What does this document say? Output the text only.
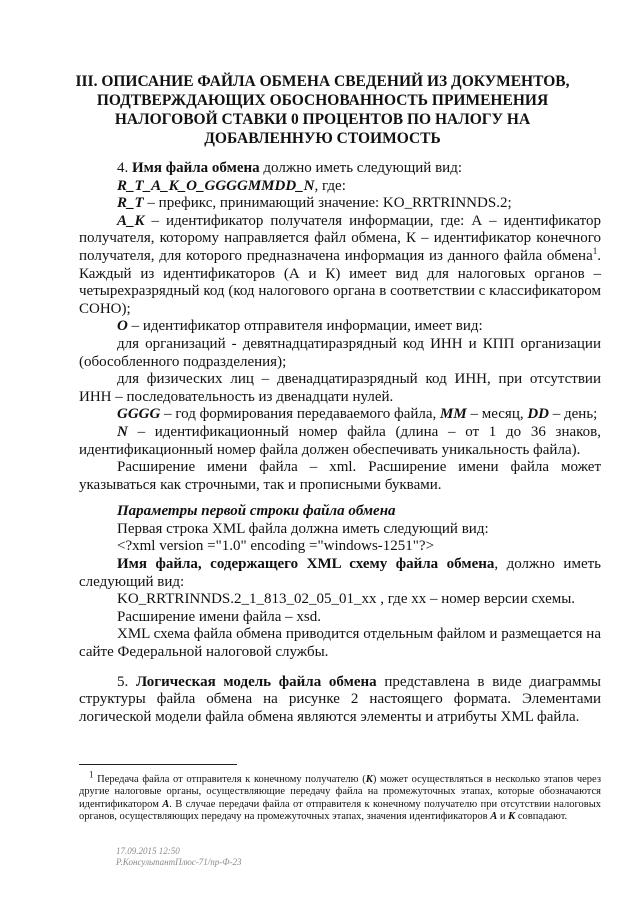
III. ОПИСАНИЕ ФАЙЛА ОБМЕНА СВЕДЕНИЙ ИЗ ДОКУМЕНТОВ,
ПОДТВЕРЖДАЮЩИХ ОБОСНОВАННОСТЬ ПРИМЕНЕНИЯ
НАЛОГОВОЙ СТАВКИ 0 ПРОЦЕНТОВ ПО НАЛОГУ НА
ДОБАВЛЕННУЮ СТОИМОСТЬ

4. Имя файла обмена должно иметь следующий вид:

R_T_A_K_O_GGGGMMDD_N, где:

R_T – префикс, принимающий значение: KO_RRTRINNDS.2;

A_K – идентификатор получателя информации, где: А – идентификатор получателя, которому направляется файл обмена, К – идентификатор конечного получателя, для которого предназначена информация из данного файла обмена$^1$. Каждый из идентификаторов (А и К) имеет вид для налоговых органов – четырехразрядный код (код налогового органа в соответствии с классификатором СОНО);

O – идентификатор отправителя информации, имеет вид:

для организаций - девятнадцатиразрядный код ИНН и КПП организации (обособленного подразделения);

для физических лиц – двенадцатиразрядный код ИНН, при отсутствии ИНН – последовательность из двенадцати нулей.

GGGG – год формирования передаваемого файла, MM – месяц, DD – день;

N – идентификационный номер файла (длина – от 1 до 36 знаков, идентификационный номер файла должен обеспечивать уникальность файла).

Расширение имени файла – xml. Расширение имени файла может указываться как строчными, так и прописными буквами.

Параметры первой строки файла обмена

Первая строка XML файла должна иметь следующий вид:

<?xml version ="1.0" encoding ="windows-1251"?>

Имя файла, содержащего XML схему файла обмена, должно иметь следующий вид:

KO_RRTRINNDS.2_1_813_02_05_01_xx , где хх – номер версии схемы.

Расширение имени файла – xsd.

XML схема файла обмена приводится отдельным файлом и размещается на сайте Федеральной налоговой службы.

5. Логическая модель файла обмена представлена в виде диаграммы структуры файла обмена на рисунке 2 настоящего формата. Элементами логической модели файла обмена являются элементы и атрибуты XML файла.

$^1$ Передача файла от отправителя к конечному получателю (К) может осуществляться в несколько этапов через другие налоговые органы, осуществляющие передачу файла на промежуточных этапах, которые обозначаются идентификатором А. В случае передачи файла от отправителя к конечному получателю при отсутствии налоговых органов, осуществляющих передачу на промежуточных этапах, значения идентификаторов А и К совпадают.

17.09.2015 12:50
Р.КонсультантПлюс-71/пр-Ф-23
